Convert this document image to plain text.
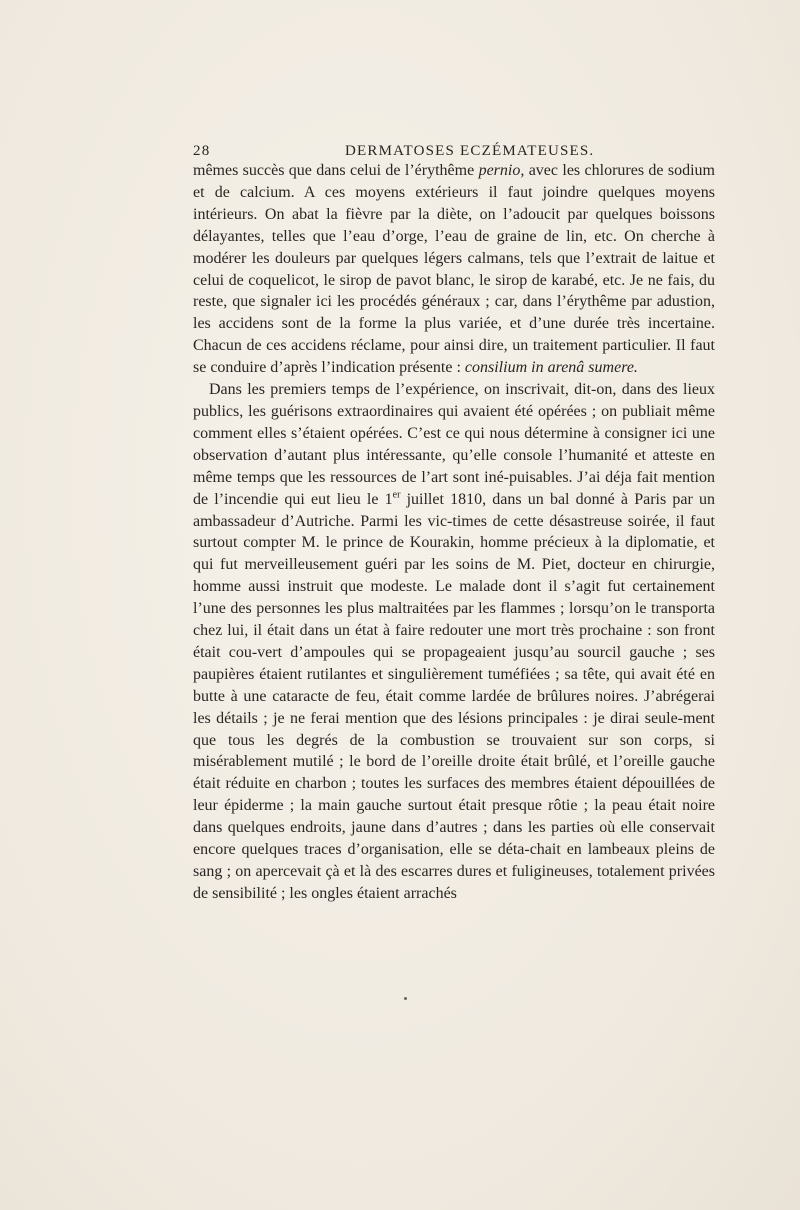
28	DERMATOSES ECZÉMATEUSES.

mêmes succès que dans celui de l’érythême pernio, avec les chlorures de sodium et de calcium. A ces moyens extérieurs il faut joindre quelques moyens intérieurs. On abat la fièvre par la diète, on l’adoucit par quelques boissons délayantes, telles que l’eau d’orge, l’eau de graine de lin, etc. On cherche à modérer les douleurs par quelques légers calmans, tels que l’extrait de laitue et celui de coquelicot, le sirop de pavot blanc, le sirop de karabé, etc. Je ne fais, du reste, que signaler ici les procédés généraux ; car, dans l’érythême par adustion, les accidens sont de la forme la plus variée, et d’une durée très incertaine. Chacun de ces accidens réclame, pour ainsi dire, un traitement particulier. Il faut se conduire d’après l’indication présente : consilium in arenâ sumere.

Dans les premiers temps de l’expérience, on inscrivait, dit-on, dans des lieux publics, les guérisons extraordinaires qui avaient été opérées ; on publiait même comment elles s’étaient opérées. C’est ce qui nous détermine à consigner ici une observation d’autant plus intéressante, qu’elle console l’humanité et atteste en même temps que les ressources de l’art sont iné-puisables. J’ai déja fait mention de l’incendie qui eut lieu le 1er juillet 1810, dans un bal donné à Paris par un ambassadeur d’Autriche. Parmi les vic-times de cette désastreuse soirée, il faut surtout compter M. le prince de Kourakin, homme précieux à la diplomatie, et qui fut merveilleusement guéri par les soins de M. Piet, docteur en chirurgie, homme aussi instruit que modeste. Le malade dont il s’agit fut certainement l’une des personnes les plus maltraitées par les flammes ; lorsqu’on le transporta chez lui, il était dans un état à faire redouter une mort très prochaine : son front était cou-vert d’ampoules qui se propageaient jusqu’au sourcil gauche ; ses paupières étaient rutilantes et singulièrement tuméfiées ; sa tête, qui avait été en butte à une cataracte de feu, était comme lardée de brûlures noires. J’abrégerai les détails ; je ne ferai mention que des lésions principales : je dirai seule-ment que tous les degrés de la combustion se trouvaient sur son corps, si misérablement mutilé ; le bord de l’oreille droite était brûlé, et l’oreille gauche était réduite en charbon ; toutes les surfaces des membres étaient dépouillées de leur épiderme ; la main gauche surtout était presque rôtie ; la peau était noire dans quelques endroits, jaune dans d’autres ; dans les parties où elle conservait encore quelques traces d’organisation, elle se déta-chait en lambeaux pleins de sang ; on apercevait çà et là des escarres dures et fuligineuses, totalement privées de sensibilité ; les ongles étaient arrachés
